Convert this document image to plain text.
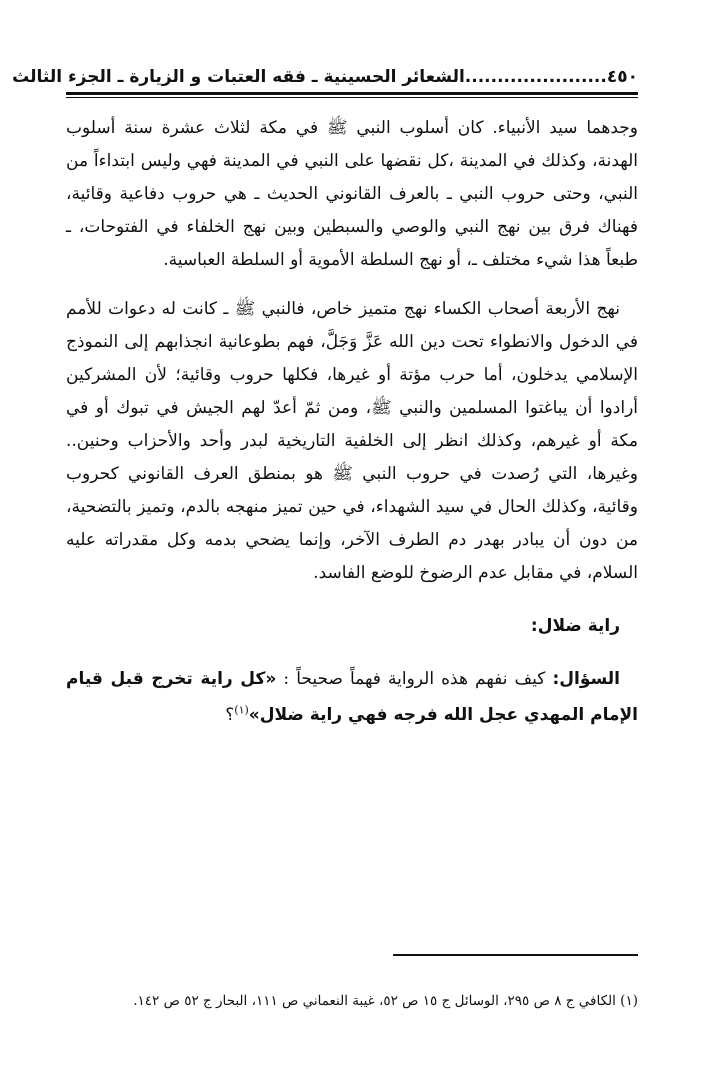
٤٥٠
......................الشعائر الحسينية ـ فقه العتبات و الزيارة ـ الجزء الثالث

وجدهما سيد الأنبياء. كان أسلوب النبي ﷺ في مكة لثلاث عشرة سنة أسلوب الهدنة، وكذلك في المدينة ،كل نقضها على النبي في المدينة فهي وليس ابتداءاً من النبي، وحتى حروب النبي ـ بالعرف القانوني الحديث ـ هي حروب دفاعية وقائية، فهناك فرق بين نهج النبي والوصي والسبطين وبين نهج الخلفاء في الفتوحات، ـ طبعاً هذا شيء مختلف ـ، أو نهج السلطة الأموية أو السلطة العباسية.

نهج الأربعة أصحاب الكساء نهج متميز خاص، فالنبي ﷺ ـ كانت له دعوات للأمم في الدخول والانطواء تحت دين الله عَزَّ وَجَلَّ، فهم بطوعانية انجذابهم إلى النموذج الإسلامي يدخلون، أما حرب مؤتة أو غيرها، فكلها حروب وقائية؛ لأن المشركين أرادوا أن يباغتوا المسلمين والنبي ﷺ، ومن ثمّ أعدّ لهم الجيش في تبوك أو في مكة أو غيرهم، وكذلك انظر إلى الخلفية التاريخية لبدر وأحد والأحزاب وحنين.. وغيرها، التي رُصدت في حروب النبي ﷺ هو بمنطق العرف القانوني كحروب وقائية، وكذلك الحال في سيد الشهداء، في حين تميز منهجه بالدم، وتميز بالتضحية، من دون أن يبادر بهدر دم الطرف الآخر، وإنما يضحي بدمه وكل مقدراته عليه السلام، في مقابل عدم الرضوخ للوضع الفاسد.

راية ضلال:

السؤال: كيف نفهم هذه الرواية فهماً صحيحاً : «كل راية تخرج قبل قيام الإمام المهدي عجل الله فرجه فهي راية ضلال»$^{(١)}$؟

(١) الكافي ج ٨ ص ٢٩٥، الوسائل ج ١٥ ص ٥٢، غيبة النعماني ص ١١١، البحار ج ٥٢ ص ١٤٢.
